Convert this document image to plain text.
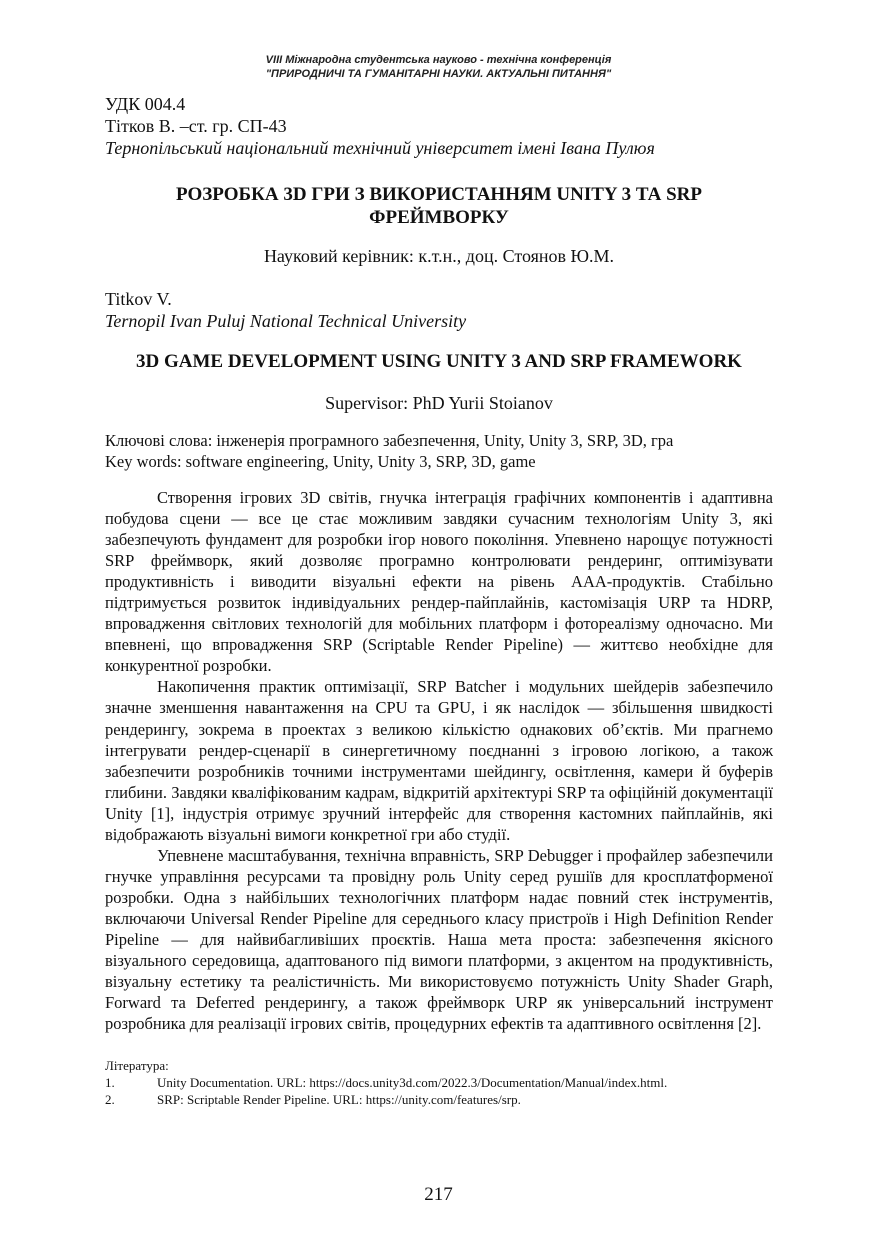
VIII Міжнародна студентська науково - технічна конференція
"ПРИРОДНИЧІ ТА ГУМАНІТАРНІ НАУКИ. АКТУАЛЬНІ ПИТАННЯ"
УДК 004.4
Тітков В. –ст. гр. СП-43
Тернопільський національний технічний університет імені Івана Пулюя
РОЗРОБКА 3D ГРИ З ВИКОРИСТАННЯМ UNITY 3 ТА SRP ФРЕЙМВОРКУ
Науковий керівник: к.т.н., доц. Стоянов Ю.М.
Titkov V.
Ternopil Ivan Puluj National Technical University
3D GAME DEVELOPMENT USING UNITY 3 AND SRP FRAMEWORK
Supervisor: PhD Yurii Stoianov
Ключові слова: інженерія програмного забезпечення, Unity, Unity 3, SRP, 3D, гра
Key words: software engineering, Unity, Unity 3, SRP, 3D, game

Створення ігрових 3D світів, гнучка інтеграція графічних компонентів і адаптивна побудова сцени — все це стає можливим завдяки сучасним технологіям Unity 3, які забезпечують фундамент для розробки ігор нового покоління. Упевнено нарощує потужності SRP фреймворк, який дозволяє програмно контролювати рендеринг, оптимізувати продуктивність і виводити візуальні ефекти на рівень ААА-продуктів. Стабільно підтримується розвиток індивідуальних рендер-пайплайнів, кастомізація URP та HDRP, впровадження світлових технологій для мобільних платформ і фотореалізму одночасно. Ми впевнені, що впровадження SRP (Scriptable Render Pipeline) — життєво необхідне для конкурентної розробки.

Накопичення практик оптимізації, SRP Batcher і модульних шейдерів забезпечило значне зменшення навантаження на CPU та GPU, і як наслідок — збільшення швидкості рендерингу, зокрема в проектах з великою кількістю однакових об’єктів. Ми прагнемо інтегрувати рендер-сценарії в синергетичному поєднанні з ігровою логікою, а також забезпечити розробників точними інструментами шейдингу, освітлення, камери й буферів глибини. Завдяки кваліфікованим кадрам, відкритій архітектурі SRP та офіційній документації Unity [1], індустрія отримує зручний інтерфейс для створення кастомних пайплайнів, які відображають візуальні вимоги конкретної гри або студії.

Упевнене масштабування, технічна вправність, SRP Debugger і профайлер забезпечили гнучке управління ресурсами та провідну роль Unity серед рушіїв для кросплатформеної розробки. Одна з найбільших технологічних платформ надає повний стек інструментів, включаючи Universal Render Pipeline для середнього класу пристроїв і High Definition Render Pipeline — для найвибагливіших проєктів. Наша мета проста: забезпечення якісного візуального середовища, адаптованого під вимоги платформи, з акцентом на продуктивність, візуальну естетику та реалістичність. Ми використовуємо потужність Unity Shader Graph, Forward та Deferred рендерингу, а також фреймворк URP як універсальний інструмент розробника для реалізації ігрових світів, процедурних ефектів та адаптивного освітлення [2].

Література:
1.	Unity Documentation. URL: https://docs.unity3d.com/2022.3/Documentation/Manual/index.html.
2.	SRP: Scriptable Render Pipeline. URL: https://unity.com/features/srp.
217
